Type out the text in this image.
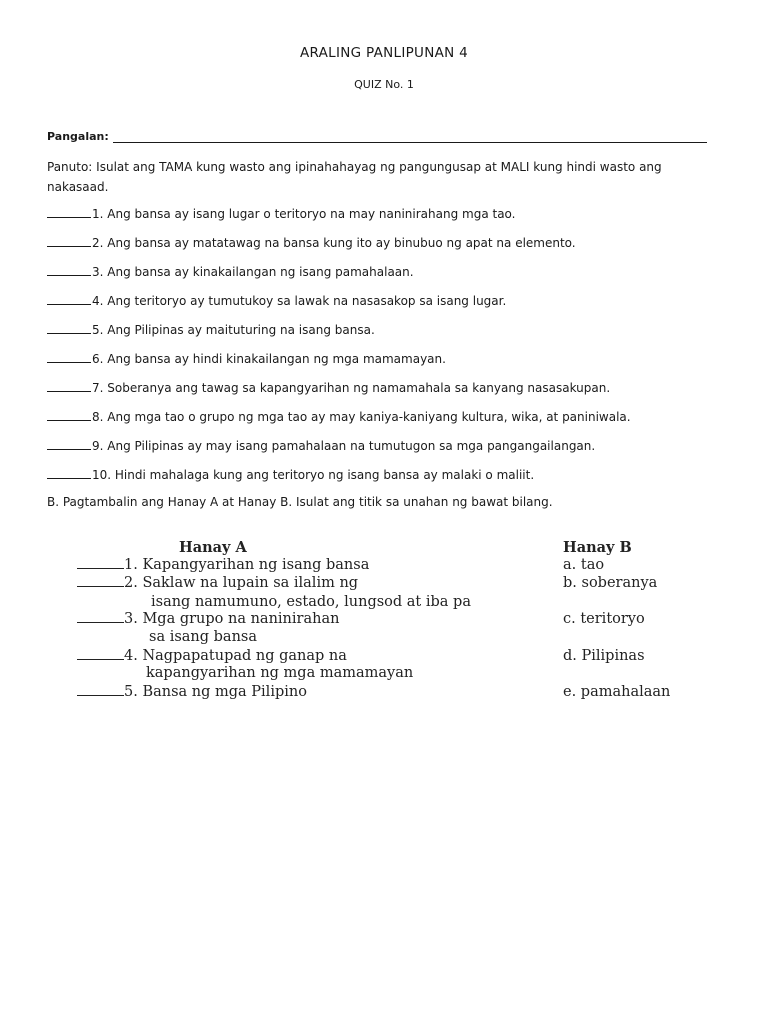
ARALING PANLIPUNAN 4
QUIZ No. 1
Pangalan:
Panuto: Isulat ang TAMA kung wasto ang ipinahahayag ng pangungusap at MALI kung hindi wasto ang nakasaad.
1. Ang bansa ay isang lugar o teritoryo na may naninirahang mga tao.
2. Ang bansa ay matatawag na bansa kung ito ay binubuo ng apat na elemento.
3. Ang bansa ay kinakailangan ng isang pamahalaan.
4. Ang teritoryo ay tumutukoy sa lawak na nasasakop sa isang lugar.
5. Ang Pilipinas ay maituturing na isang bansa.
6. Ang bansa ay hindi kinakailangan ng mga mamamayan.
7. Soberanya ang tawag sa kapangyarihan ng namamahala sa kanyang nasasakupan.
8. Ang mga tao o grupo ng mga tao ay may kaniya-kaniyang kultura, wika, at paniniwala.
9. Ang Pilipinas ay may isang pamahalaan na tumutugon sa mga pangangailangan.
10. Hindi mahalaga kung ang teritoryo ng isang bansa ay malaki o maliit.
B. Pagtambalin ang Hanay A at Hanay B. Isulat ang titik sa unahan ng bawat bilang.
Hanay A	Hanay B
1. Kapangyarihan ng isang bansa
2. Saklaw na lupain sa ilalim ng
isang namumuno, estado, lungsod at iba pa
3. Mga grupo na naninirahan
sa isang bansa
4. Nagpapatupad ng ganap na
kapangyarihan ng mga mamamayan
5. Bansa ng mga Pilipino
a. tao
b. soberanya
c. teritoryo
d. Pilipinas
e. pamahalaan
